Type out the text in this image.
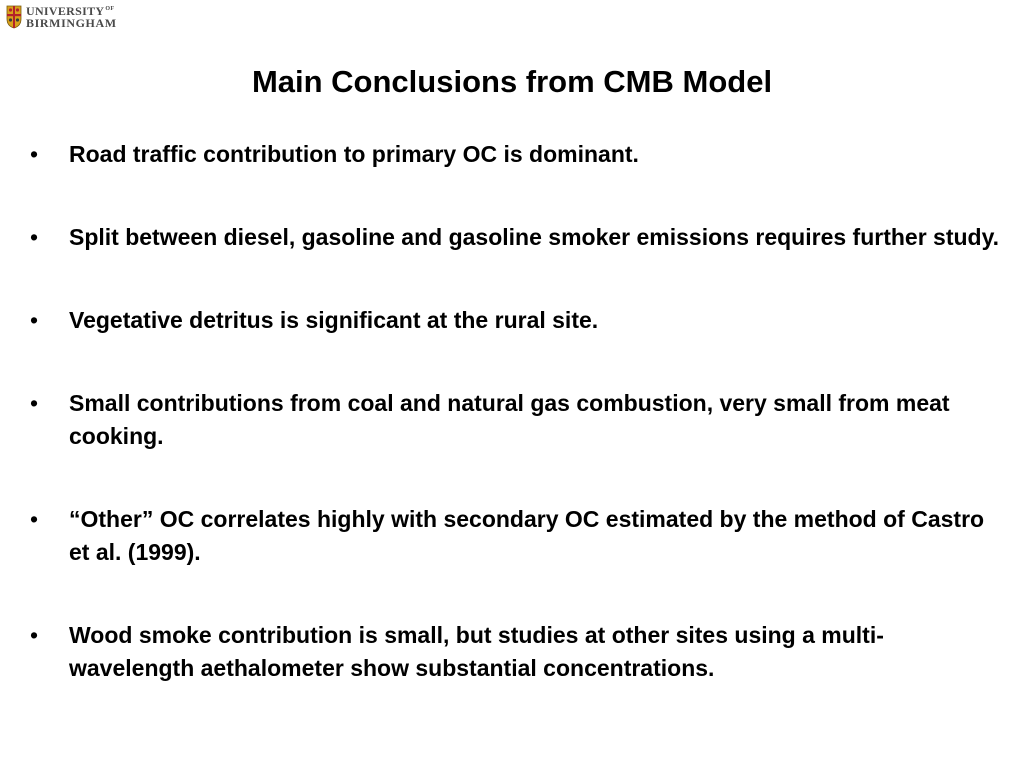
UNIVERSITY OF
BIRMINGHAM
Main Conclusions from CMB Model
•	Road traffic contribution to primary OC is dominant.
•	Split between diesel, gasoline and gasoline smoker emissions requires further study.
•	Vegetative detritus is significant at the rural site.
•	Small contributions from coal and natural gas combustion, very small from meat cooking.
•	“Other” OC correlates highly with secondary OC estimated by the method of Castro et al. (1999).
•	Wood smoke contribution is small, but studies at other sites using a multi-wavelength aethalometer show substantial concentrations.
